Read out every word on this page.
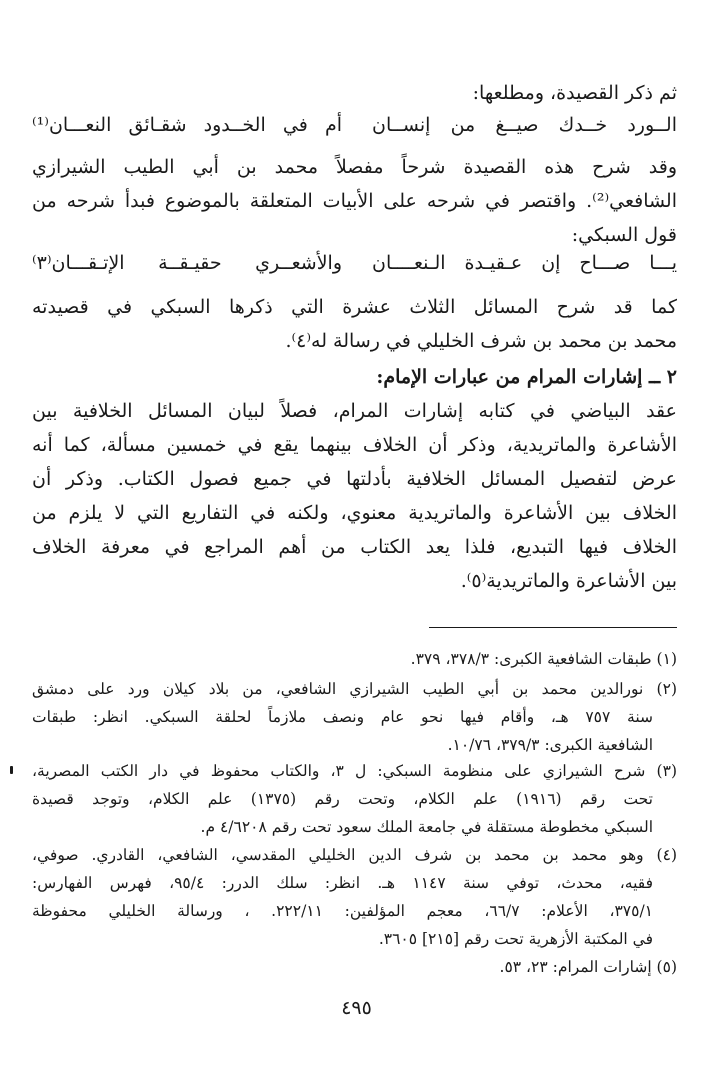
ثم ذكر القصيدة، ومطلعها:
الــورد خــدك صيــغ من إنســان
أم في الخــدود شقـائق النعـــان⁽¹⁾
وقد شرح هذه القصيدة شرحاً مفصلاً محمد بن أبي الطيب الشيرازي
الشافعي⁽²⁾. واقتصر في شرحه على الأبيات المتعلقة بالموضوع فبدأ شرحه من
قول السبكي:
يـــا صـــاح إن عـقيـدة الـنعــــان
والأشعــري حقيـقــة الإتـقـــان⁽٣⁾
كما قد شرح المسائل الثلاث عشرة التي ذكرها السبكي في قصيدته
محمد بن محمد بن شرف الخليلي في رسالة له⁽٤⁾.
٢ ــ إشارات المرام من عبارات الإمام:
عقد البياضي في كتابه إشارات المرام، فصلاً لبيان المسائل الخلافية بين
الأشاعرة والماتريدية، وذكر أن الخلاف بينهما يقع في خمسين مسألة، كما أنه
عرض لتفصيل المسائل الخلافية بأدلتها في جميع فصول الكتاب. وذكر أن
الخلاف بين الأشاعرة والماتريدية معنوي، ولكنه في التفاريع التي لا يلزم من
الخلاف فيها التبديع، فلذا يعد الكتاب من أهم المراجع في معرفة الخلاف
بين الأشاعرة والماتريدية⁽٥⁾.
(١) طبقات الشافعية الكبرى: ٣٧٨/٣، ٣٧٩.
(٢) نورالدين محمد بن أبي الطيب الشيرازي الشافعي، من بلاد كيلان ورد على دمشق
سنة ٧٥٧ هـ، وأقام فيها نحو عام ونصف ملازماً لحلقة السبكي. انظر: طبقات
الشافعية الكبرى: ٣٧٩/٣، ١٠/٧٦.
(٣) شرح الشيرازي على منظومة السبكي: ل ٣، والكتاب محفوظ في دار الكتب المصرية،
تحت رقم (١٩١٦) علم الكلام، وتحت رقم (١٣٧٥) علم الكلام، وتوجد قصيدة
السبكي مخطوطة مستقلة في جامعة الملك سعود تحت رقم ٤/٦٢٠٨ م.
(٤) وهو محمد بن محمد بن شرف الدين الخليلي المقدسي، الشافعي، القادري. صوفي،
فقيه، محدث، توفي سنة ١١٤٧ هـ. انظر: سلك الدرر: ٩٥/٤، فهرس الفهارس:
٣٧٥/١، الأعلام: ٦٦/٧، معجم المؤلفين: ٢٢٢/١١. ، ورسالة الخليلي محفوظة
في المكتبة الأزهرية تحت رقم [٢١٥] ٣٦٠٥.
(٥) إشارات المرام: ٢٣، ٥٣.
٤٩٥
